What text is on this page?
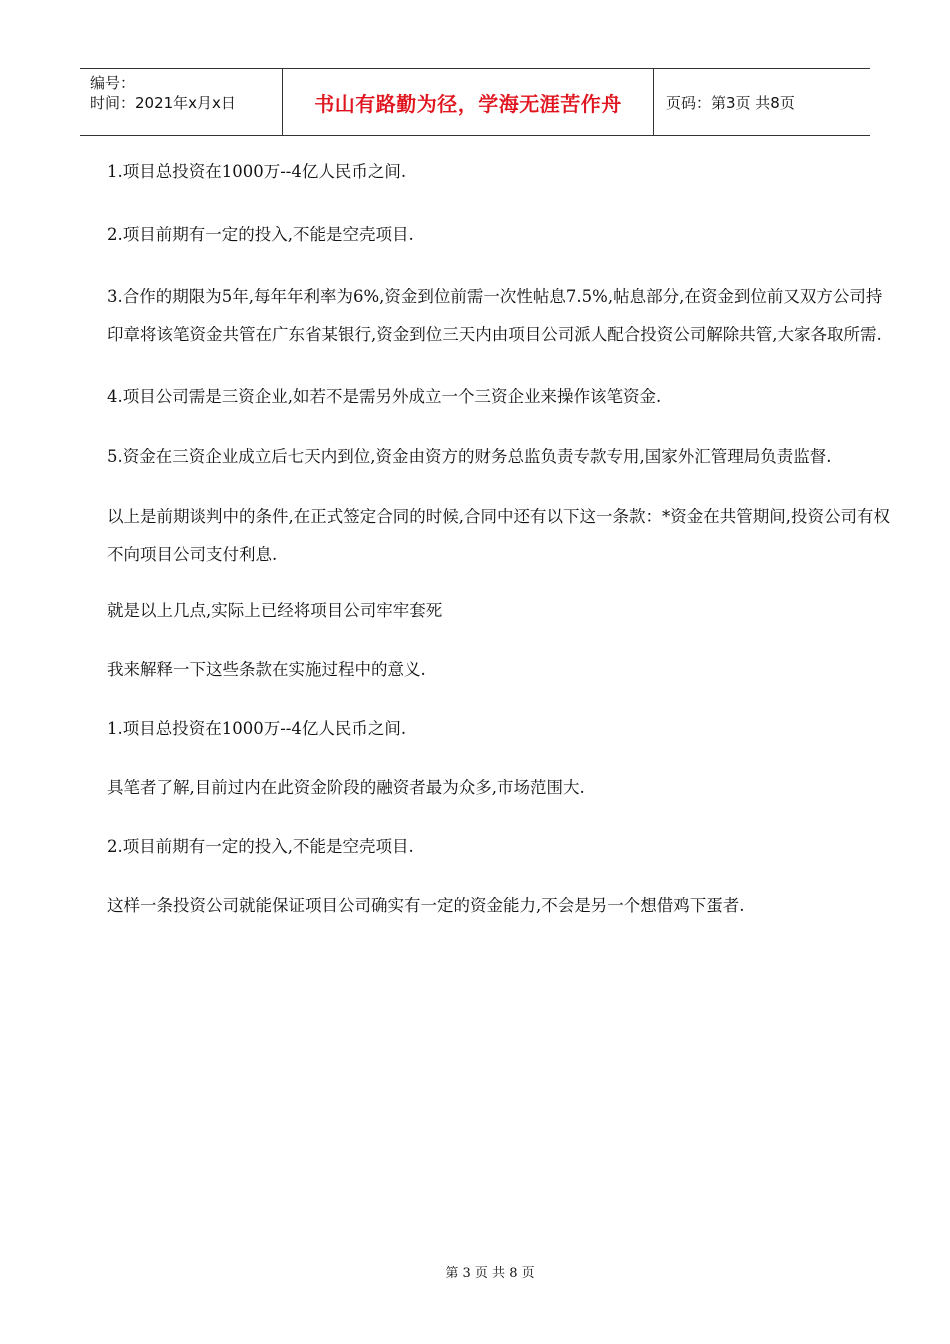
编号：
时间：2021年x月x日	书山有路勤为径，学海无涯苦作舟	页码：第3页 共8页

1.项目总投资在1000万--4亿人民币之间.

2.项目前期有一定的投入,不能是空壳项目.

3.合作的期限为5年,每年年利率为6%,资金到位前需一次性帖息7.5%,帖息部分,在资金到位前又双方公司持印章将该笔资金共管在广东省某银行,资金到位三天内由项目公司派人配合投资公司解除共管,大家各取所需.

4.项目公司需是三资企业,如若不是需另外成立一个三资企业来操作该笔资金.

5.资金在三资企业成立后七天内到位,资金由资方的财务总监负责专款专用,国家外汇管理局负责监督.

以上是前期谈判中的条件,在正式签定合同的时候,合同中还有以下这一条款：*资金在共管期间,投资公司有权不向项目公司支付利息.

就是以上几点,实际上已经将项目公司牢牢套死

我来解释一下这些条款在实施过程中的意义.

1.项目总投资在1000万--4亿人民币之间.

具笔者了解,目前过内在此资金阶段的融资者最为众多,市场范围大.

2.项目前期有一定的投入,不能是空壳项目.

这样一条投资公司就能保证项目公司确实有一定的资金能力,不会是另一个想借鸡下蛋者.

第 3 页 共 8 页
